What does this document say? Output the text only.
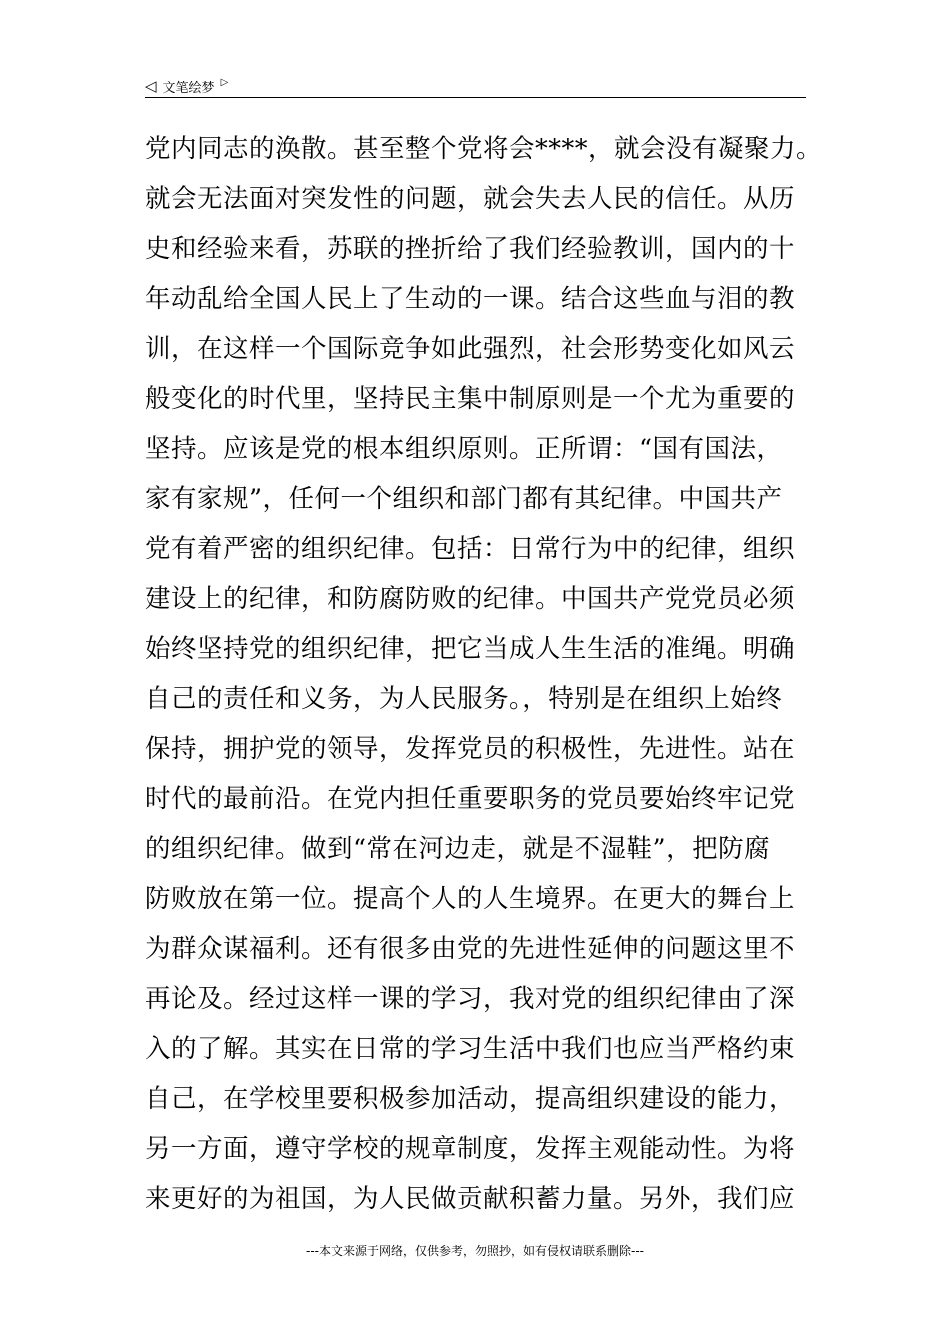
◁ 文笔绘梦 ▷
党内同志的涣散。甚至整个党将会****，就会没有凝聚力。
就会无法面对突发性的问题，就会失去人民的信任。从历
史和经验来看，苏联的挫折给了我们经验教训，国内的十
年动乱给全国人民上了生动的一课。结合这些血与泪的教
训，在这样一个国际竞争如此强烈，社会形势变化如风云
般变化的时代里，坚持民主集中制原则是一个尤为重要的
坚持。应该是党的根本组织原则。正所谓：“国有国法，
家有家规”，任何一个组织和部门都有其纪律。中国共产
党有着严密的组织纪律。包括：日常行为中的纪律，组织
建设上的纪律，和防腐防败的纪律。中国共产党党员必须
始终坚持党的组织纪律，把它当成人生生活的准绳。明确
自己的责任和义务，为人民服务。，特别是在组织上始终
保持，拥护党的领导，发挥党员的积极性，先进性。站在
时代的最前沿。在党内担任重要职务的党员要始终牢记党
的组织纪律。做到“常在河边走，就是不湿鞋”，把防腐
防败放在第一位。提高个人的人生境界。在更大的舞台上
为群众谋福利。还有很多由党的先进性延伸的问题这里不
再论及。经过这样一课的学习，我对党的组织纪律由了深
入的了解。其实在日常的学习生活中我们也应当严格约束
自己，在学校里要积极参加活动，提高组织建设的能力，
另一方面，遵守学校的规章制度，发挥主观能动性。为将
来更好的为祖国，为人民做贡献积蓄力量。另外，我们应
---本文来源于网络，仅供参考，勿照抄，如有侵权请联系删除---
